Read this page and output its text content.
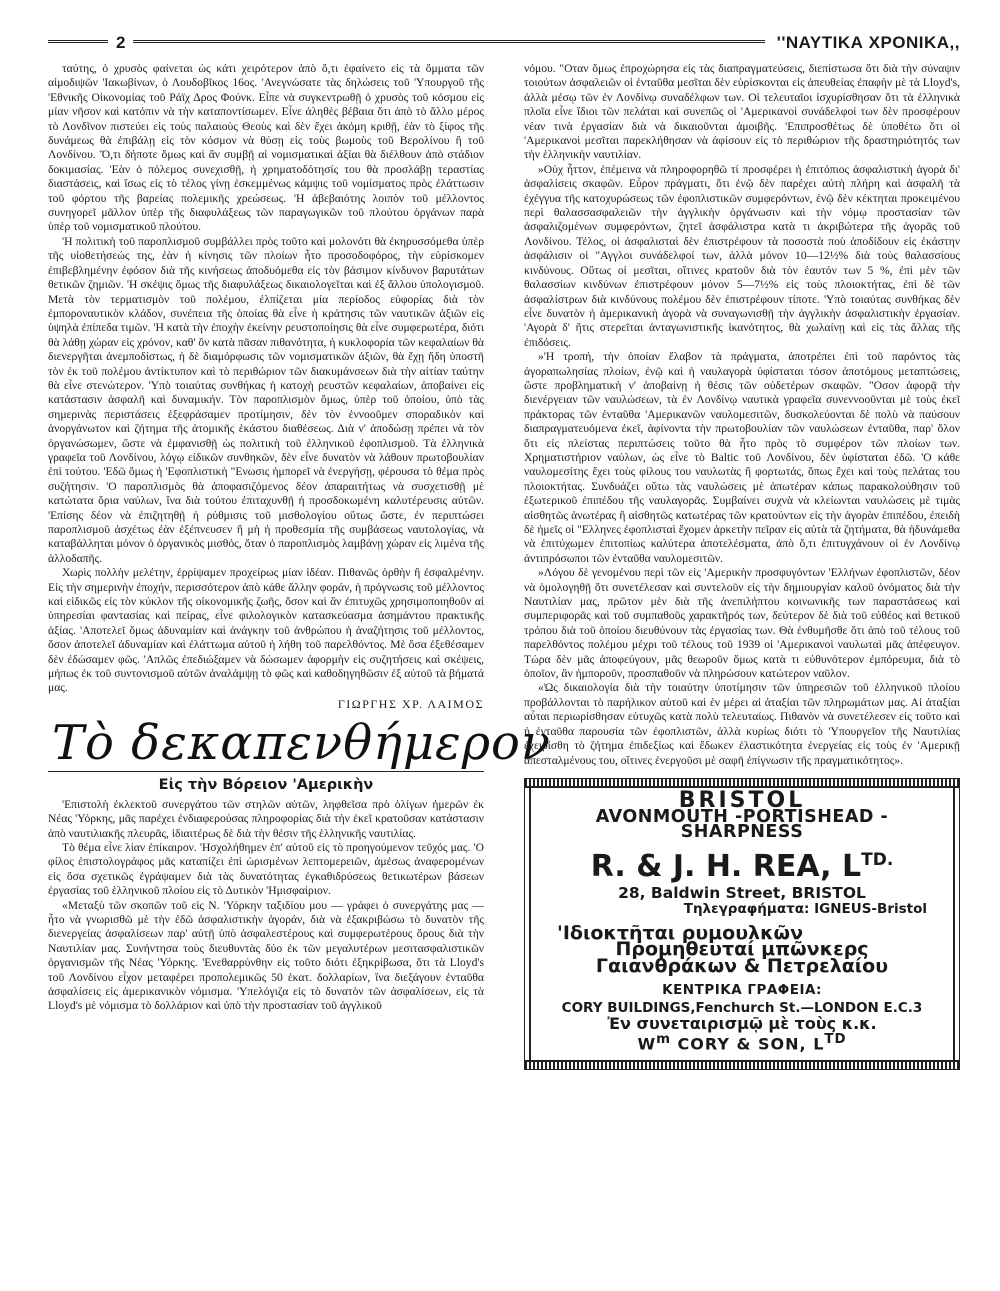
2	''ΝΑΥΤΙΚΑ ΧΡΟΝΙΚΑ,,

ταύτης, ὁ χρυσὸς φαίνεται ὡς κάτι χειρότερον ἀπὸ ὅ,τι ἐφαίνετο εἰς τὰ ὄμματα τῶν αἱμοδιψῶν 'Ιακωβίνων, ὁ Λουδοβῖκος 16ος. 'Ανεγνώσατε τὰς δηλώσεις τοῦ 'Υπουργοῦ τῆς 'Εθνικῆς Οἰκονομίας τοῦ Ράϊχ Δρος Φούνκ. Εἶπε νὰ συγκεντρωθῇ ὁ χρυσὸς τοῦ κόσμου εἰς μίαν νῆσον καὶ κατόπιν νὰ τὴν καταποντίσωμεν. Εἶνε ἀληθὲς βέβαια ὅτι ἀπὸ τὸ ἄλλο μέρος τὸ Λονδῖνον πιστεύει εἰς τοὺς παλαιοὺς Θεοὺς καὶ δὲν ἔχει ἀκόμη κριθῇ, ἐὰν τὸ ξίφος τῆς δυνάμεως θὰ ἐπιβάλῃ εἰς τὸν κόσμον νὰ θύσῃ εἰς τοὺς βωμοὺς τοῦ Βερολίνου ἢ τοῦ Λονδίνου. Ὅ,τι δήποτε ὅμως καὶ ἂν συμβῇ αἱ νομισματικαὶ ἀξίαι θὰ διέλθουν ἀπὸ στάδιον δοκιμασίας. 'Εὰν ὁ πόλεμος συνεχισθῇ, ἡ χρηματοδότησίς του θὰ προσλάβῃ τεραστίας διαστάσεις, καὶ ἴσως εἰς τὸ τέλος γίνῃ ἐσκεμμένως κάμψις τοῦ νομίσματος πρὸς ἐλάττωσιν τοῦ φόρτου τῆς βαρείας πολεμικῆς χρεώσεως. 'Η ἀβεβαιότης λοιπὸν τοῦ μέλλοντος συνηγορεῖ μᾶλλον ὑπὲρ τῆς διαφυλάξεως τῶν παραγωγικῶν τοῦ πλούτου ὀργάνων παρὰ ὑπὲρ τοῦ νομισματικοῦ πλούτου.

'Η πολιτικὴ τοῦ παροπλισμοῦ συμβάλλει πρὸς τοῦτο καὶ μολονότι θὰ ἐκηρυσσόμεθα ὑπὲρ τῆς υἱοθετήσεώς της, ἐὰν ἡ κίνησις τῶν πλοίων ἦτο προσοδοφόρος, τὴν εὑρίσκομεν ἐπιβεβλημένην ἐφόσον διὰ τῆς κινήσεως ἀποδυόμεθα εἰς τὸν βάσιμον κίνδυνον βαρυτάτων θετικῶν ζημιῶν. 'Η σκέψις ὅμως τῆς διαφυλάξεως δικαιολογεῖται καὶ ἐξ ἄλλου ὑπολογισμοῦ. Μετὰ τὸν τερματισμὸν τοῦ πολέμου, ἐλπίζεται μία περίοδος εὐφορίας διὰ τὸν ἐμποροναυτικὸν κλάδον, συνέπεια τῆς ὁποίας θὰ εἶνε ἡ κράτησις τῶν ναυτικῶν ἀξιῶν εἰς ὑψηλὰ ἐπίπεδα τιμῶν. 'Η κατὰ τὴν ἐποχὴν ἐκείνην ρευστοποίησις θὰ εἶνε συμφερωτέρα, διότι θὰ λάθῃ χώραν εἰς χρόνον, καθ' ὃν κατὰ πᾶσαν πιθανότητα, ἡ κυκλοφορία τῶν κεφαλαίων θὰ διενεργῆται ἀνεμποδίστως, ἡ δὲ διαμόρφωσις τῶν νομισματικῶν ἀξιῶν, θὰ ἔχῃ ἤδη ὑποστῆ τὸν ἐκ τοῦ πολέμου ἀντίκτυπον καὶ τὸ περιθώριον τῶν διακυμάνσεων διὰ τὴν αἰτίαν ταύτην θὰ εἶνε στενώτερον. 'Υπὸ τοιαύτας συνθήκας ἡ κατοχὴ ρευστῶν κεφαλαίων, ἀποβαίνει εἰς κατάστασιν ἀσφαλῆ καὶ δυναμικήν. Τὸν παροπλισμὸν ὅμως, ὑπὲρ τοῦ ὁποίου, ὑπὸ τὰς σημερινὰς περιστάσεις ἐξεφράσαμεν προτίμησιν, δὲν τὸν ἐννοοῦμεν σποραδικὸν καὶ ἀνοργάνωτον καὶ ζήτημα τῆς ἀτομικῆς ἑκάστου διαθέσεως. Διὰ ν' ἀποδώσῃ πρέπει νὰ τὸν ὀργανώσωμεν, ὥστε νὰ ἐμφανισθῇ ὡς πολιτικὴ τοῦ ἑλληνικοῦ ἐφοπλισμοῦ. Τὰ ἑλληνικὰ γραφεῖα τοῦ Λονδίνου, λόγῳ εἰδικῶν συνθηκῶν, δὲν εἶνε δυνατὸν νὰ λάθουν πρωτοβουλίαν ἐπὶ τούτου. 'Εδῶ ὅμως ἡ 'Εφοπλιστικὴ "Ενωσις ἠμπορεῖ νὰ ἐνεργήσῃ, φέρουσα τὸ θέμα πρὸς συζήτησιν. 'Ο παροπλισμὸς θὰ ἀποφασιζόμενος δέον ἀπαραιτήτως νὰ συσχετισθῇ μὲ κατώτατα ὅρια ναύλων, ἵνα διὰ τούτου ἐπιταχυνθῇ ἡ προσδοκωμένη καλυτέρευσις αὐτῶν. 'Επίσης δέον νὰ ἐπιζητηθῇ ἡ ρύθμισις τοῦ μισθολογίου οὕτως ὥστε, ἐν περιπτώσει παροπλισμοῦ ἀσχέτως ἐὰν ἐξέπνευσεν ἢ μὴ ἡ προθεσμία τῆς συμβάσεως ναυτολογίας, νὰ καταβάλληται μόνον ὁ ὀργανικὸς μισθός, ὅταν ὁ παροπλισμὸς λαμβάνῃ χώραν εἰς λιμένα τῆς ἀλλοδαπῆς.

Χωρὶς πολλὴν μελέτην, ἐρρίψαμεν προχείρως μίαν ἰδέαν. Πιθανῶς ὀρθὴν ἢ ἐσφαλμένην. Εἰς τὴν σημερινὴν ἐποχήν, περισσότερον ἀπὸ κάθε ἄλλην φοράν, ἡ πρόγνωσις τοῦ μέλλοντος καὶ εἰδικῶς εἰς τὸν κύκλον τῆς οἰκονομικῆς ζωῆς, ὅσον καὶ ἂν ἐπιτυχῶς χρησιμοποιηθοῦν αἱ ὑπηρεσίαι φαντασίας καὶ πείρας, εἶνε φιλολογικὸν κατασκεύασμα ἀσημάντου πρακτικῆς ἀξίας. 'Αποτελεῖ ὅμως ἀδυναμίαν καὶ ἀνάγκην τοῦ ἀνθρώπου ἡ ἀναζήτησις τοῦ μέλλοντος, ὅσον ἀποτελεῖ ἀδυναμίαν καὶ ἐλάττωμα αὐτοῦ ἡ λήθη τοῦ παρελθόντος. Μὲ ὅσα ἐξεθέσαμεν δὲν ἐδώσαμεν φῶς. 'Απλῶς ἐπεδιώξαμεν νὰ δώσωμεν ἀφορμὴν εἰς συζητήσεις καὶ σκέψεις, μήπως ἐκ τοῦ συντονισμοῦ αὐτῶν ἀναλάμψῃ τὸ φῶς καὶ καθοδηγηθῶσιν ἐξ αὐτοῦ τὰ βήματά μας.

ΓΙΩΡΓΗΣ ΧΡ. ΛΑΙΜΟΣ
Τὸ δεκαπενθήμερον
Εἰς τὴν Βόρειον 'Αμερικὴν

'Επιστολὴ ἐκλεκτοῦ συνεργάτου τῶν στηλῶν αὐτῶν, ληφθεῖσα πρὸ ὀλίγων ἡμερῶν ἐκ Νέας 'Υόρκης, μᾶς παρέχει ἐνδιαφερούσας πληροφορίας διὰ τὴν ἐκεῖ κρατοῦσαν κατάστασιν ἀπὸ ναυτιλιακῆς πλευρᾶς, ἰδιαιτέρως δὲ διὰ τὴν θέσιν τῆς ἑλληνικῆς ναυτιλίας.

Τὸ θέμα εἶνε λίαν ἐπίκαιρον. 'Ησχολήθημεν ἐπ' αὐτοῦ εἰς τὸ προηγούμενον τεῦχός μας. 'Ο φίλος ἐπιστολογράφος μᾶς καταπίζει ἐπὶ ὡρισμένων λεπτομερειῶν, ἀμέσως ἀναφερομένων εἰς ὅσα σχετικῶς ἐγράψαμεν διὰ τὰς δυνατότητας ἐγκαθιδρύσεως θετικωτέρων βάσεων ἐργασίας τοῦ ἑλληνικοῦ πλοίου εἰς τὸ Δυτικὸν 'Ημισφαίριον.

«Μεταξὺ τῶν σκοπῶν τοῦ εἰς Ν. 'Υόρκην ταξιδίου μου — γράφει ὁ συνεργάτης μας — ἦτο νὰ γνωρισθῶ μὲ τὴν ἐδῶ ἀσφαλιστικὴν ἀγοράν, διὰ νὰ ἐξακριβώσω τὸ δυνατὸν τῆς διενεργείας ἀσφαλίσεων παρ' αὐτῇ ὑπὸ ἀσφαλεστέρους καὶ συμφερωτέρους ὅρους διὰ τὴν Ναυτιλίαν μας. Συνήντησα τοὺς διευθυντὰς δύο ἐκ τῶν μεγαλυτέρων μεσιτασφαλιστικῶν ὀργανισμῶν τῆς Νέας 'Υόρκης. 'Ενεθαρρύνθην εἰς τοῦτο διότι ἐξηκρίβωσα, ὅτι τὰ Lloyd's τοῦ Λονδίνου εἶχον μεταφέρει προπολεμικῶς 50 ἑκατ. δολλαρίων, ἵνα διεξάγουν ἐνταῦθα ἀσφαλίσεις εἰς ἀμερικανικὸν νόμισμα. 'Υπελόγιζα εἰς τὸ δυνατὸν τῶν ἀσφαλίσεων, εἰς τὰ Lloyd's μὲ νόμισμα τὸ δολλάριον καὶ ὑπὸ τὴν προστασίαν τοῦ ἀγγλικοῦ

νόμου. "Οταν ὅμως ἐπροχώρησα εἰς τὰς διαπραγματεύσεις, διεπίστωσα ὅτι διὰ τὴν σύναψιν τοιούτων ἀσφαλειῶν οἱ ἐνταῦθα μεσῖται δὲν εὑρίσκονται εἰς ἀπευθείας ἐπαφὴν μὲ τὰ Lloyd's, ἀλλὰ μέσῳ τῶν ἐν Λονδίνῳ συναδέλφων των. Οἱ τελευταῖοι ἰσχυρίσθησαν ὅτι τὰ ἑλληνικὰ πλοῖα εἶνε ἴδιοι τῶν πελάται καὶ συνεπῶς οἱ 'Αμερικανοὶ συνάδελφοί των δὲν προσφέρουν νέαν τινὰ ἐργασίαν διὰ νὰ δικαιοῦνται ἀμοιβῆς. 'Επιπροσθέτως δὲ ὑποθέτω ὅτι οἱ 'Αμερικανοὶ μεσῖται παρεκλήθησαν νὰ ἀφίσουν εἰς τὸ περιθώριον τῆς δραστηριότητός των τὴν ἑλληνικὴν ναυτιλίαν.

»Οὐχ ἧττον, ἐπέμεινα νὰ πληροφορηθῶ τί προσφέρει ἡ ἐπιτόπιος ἀσφαλιστικὴ ἀγορὰ δι' ἀσφαλίσεις σκαφῶν. Εὗρον πράγματι, ὅτι ἐνῷ δὲν παρέχει αὐτὴ πλήρη καὶ ἀσφαλῆ τὰ ἐχέγγυα τῆς κατοχυρώσεως τῶν ἐφοπλιστικῶν συμφερόντων, ἐνῷ δὲν κέκτηται προκειμένου περὶ θαλασσασφαλειῶν τὴν ἀγγλικὴν ὀργάνωσιν καὶ τὴν νόμῳ προστασίαν τῶν ἀσφαλιζομένων συμφερόντων, ζητεῖ ἀσφάλιστρα κατὰ τι ἀκριβώτερα τῆς ἀγορᾶς τοῦ Λονδίνου. Τέλος, οἱ ἀσφαλισταὶ δὲν ἐπιστρέφουν τὰ ποσοστὰ ποὺ ἀποδίδουν εἰς ἑκάστην ἀσφάλισιν οἱ "Αγγλοι συνάδελφοί των, ἀλλὰ μόνον 10—12½% διὰ τοὺς θαλασσίους κινδύνους. Οὕτως οἱ μεσῖται, οἵτινες κρατοῦν διὰ τὸν ἑαυτόν των 5 %, ἐπὶ μὲν τῶν θαλασσίων κινδύνων ἐπιστρέφουν μόνον 5—7½% εἰς τοὺς πλοιοκτήτας, ἐπὶ δὲ τῶν ἀσφαλίστρων διὰ κινδύνους πολέμου δὲν ἐπιστρέφουν τίποτε. 'Υπὸ τοιαύτας συνθήκας δὲν εἶνε δυνατὸν ἡ ἀμερικανικὴ ἀγορὰ νὰ συναγωνισθῇ τὴν ἀγγλικὴν ἀσφαλιστικὴν ἐργασίαν. 'Αγορὰ δ' ἥτις στερεῖται ἀνταγωνιστικῆς ἱκανότητος, θὰ χωλαίνῃ καὶ εἰς τὰς ἄλλας τῆς ἐπιδόσεις.

»'Η τροπή, τὴν ὁποίαν ἔλαβον τὰ πράγματα, ἀποτρέπει ἐπὶ τοῦ παρόντος τὰς ἀγοραπωλησίας πλοίων, ἐνῷ καὶ ἡ ναυλαγορὰ ὑφίσταται τόσον ἀποτόμους μεταπτώσεις, ὥστε προβληματικὴ ν' ἀποβαίνῃ ἡ θέσις τῶν οὐδετέρων σκαφῶν. "Οσον ἀφορᾷ τὴν διενέργειαν τῶν ναυλώσεων, τὰ ἐν Λονδίνῳ ναυτικὰ γραφεῖα συνεννοοῦνται μὲ τοὺς ἐκεῖ πράκτορας τῶν ἐνταῦθα 'Αμερικανῶν ναυλομεσιτῶν, δυσκολεύονται δὲ πολὺ νὰ παύσουν διαπραγματευόμενα ἐκεῖ, ἀφίνοντα τὴν πρωτοβουλίαν τῶν ναυλώσεων ἐνταῦθα, παρ' ὅλον ὅτι εἰς πλείστας περιπτώσεις τοῦτο θὰ ἦτο πρὸς τὸ συμφέρον τῶν πλοίων των. Χρηματιστήριον ναύλων, ὡς εἶνε τὸ Baltic τοῦ Λονδίνου, δὲν ὑφίσταται ἐδῶ. 'Ο κάθε ναυλομεσίτης ἔχει τοὺς φίλους του ναυλωτὰς ἢ φορτωτάς, ὅπως ἔχει καὶ τοὺς πελάτας του πλοιοκτήτας. Συνδυάζει οὕτω τὰς ναυλώσεις μὲ ἀπωτέραν κάπως παρακολούθησιν τοῦ ἐξωτερικοῦ ἐπιπέδου τῆς ναυλαγορᾶς. Συμβαίνει συχνὰ νὰ κλείωνται ναυλώσεις μὲ τιμὰς αἰσθητῶς ἀνωτέρας ἢ αἰσθητῶς κατωτέρας τῶν κρατούντων εἰς τὴν ἀγορὰν ἐπιπέδου, ἐπειδὴ δὲ ἡμεῖς οἱ "Ελληνες ἐφοπλισταὶ ἔχομεν ἀρκετὴν πεῖραν εἰς αὐτὰ τὰ ζητήματα, θὰ ἠδυνάμεθα νὰ ἐπιτύχωμεν ἐπιτοπίως καλύτερα ἀποτελέσματα, ἀπὸ ὅ,τι ἐπιτυγχάνουν οἱ ἐν Λονδίνῳ ἀντιπρόσωποι τῶν ἐνταῦθα ναυλομεσιτῶν.

»Λόγου δὲ γενομένου περὶ τῶν εἰς 'Αμερικὴν προσφυγόντων 'Ελλήνων ἐφοπλιστῶν, δέον νὰ ὁμολογηθῇ ὅτι συνετέλεσαν καὶ συντελοῦν εἰς τὴν δημιουργίαν καλοῦ ὀνόματος διὰ τὴν Ναυτιλίαν μας, πρῶτον μὲν διὰ τῆς ἀνεπιλήπτου κοινωνικῆς των παραστάσεως καὶ συμπεριφορᾶς καὶ τοῦ συμπαθοῦς χαρακτῆρός των, δεύτερον δὲ διὰ τοῦ εὐθέος καὶ θετικοῦ τρόπου διὰ τοῦ ὁποίου διευθύνουν τὰς ἐργασίας των. Θὰ ἐνθυμῆσθε ὅτι ἀπὸ τοῦ τέλους τοῦ παρελθόντος πολέμου μέχρι τοῦ τέλους τοῦ 1939 οἱ 'Αμερικανοὶ ναυλωταὶ μᾶς ἀπέφευγον. Τώρα δὲν μᾶς ἀποφεύγουν, μᾶς θεωροῦν ὅμως κατὰ τι εὐθυνότερον ἐμπόρευμα, διὰ τὸ ὁποῖον, ἂν ἠμποροῦν, προσπαθοῦν νὰ πληρώσουν κατώτερον ναῦλον.

«Ὡς δικαιολογία διὰ τὴν τοιαύτην ὑποτίμησιν τῶν ὑπηρεσιῶν τοῦ ἑλληνικοῦ πλοίου προβάλλονται τὸ παρήλικον αὐτοῦ καὶ ἐν μέρει αἱ ἀταξίαι τῶν πληρωμάτων μας. Αἱ ἀταξίαι αὗται περιωρίσθησαν εὐτυχῶς κατὰ πολὺ τελευταίως. Πιθανὸν νὰ συνετέλεσεν εἰς τοῦτο καὶ ἡ ἐνταῦθα παρουσία τῶν ἐφοπλιστῶν, ἀλλὰ κυρίως διότι τὸ 'Υπουργεῖον τῆς Ναυτιλίας ἐχειρίσθη τὸ ζήτημα ἐπιδεξίως καὶ ἔδωκεν ἐλαστικότητα ἐνεργείας εἰς τοὺς ἐν 'Αμερικῇ ἀπεσταλμένους του, οἵτινες ἐνεργοῦσι μὲ σαφῆ ἐπίγνωσιν τῆς πραγματικότητος».

BRISTOL
AVONMOUTH -PORTISHEAD -SHARPNESS
R. & J. H. REA, $L^{TD.}$
28, Baldwin Street, BRISTOL
Τηλεγραφήματα: IGNEUS-Bristol
'Ιδιοκτῆται ρυμουλκῶν
Προμηθευταί μπῶνκερς
Γαιανθράκων & Πετρελαίου
ΚΕΝΤΡΙΚΑ ΓΡΑΦΕΙΑ:
CORY BUILDINGS,Fenchurch St.—LONDON E.C.3
Ἐν συνεταιρισμῷ μὲ τοὺς κ.κ.
$W^m$ CORY & SON, $L^{TD}$
